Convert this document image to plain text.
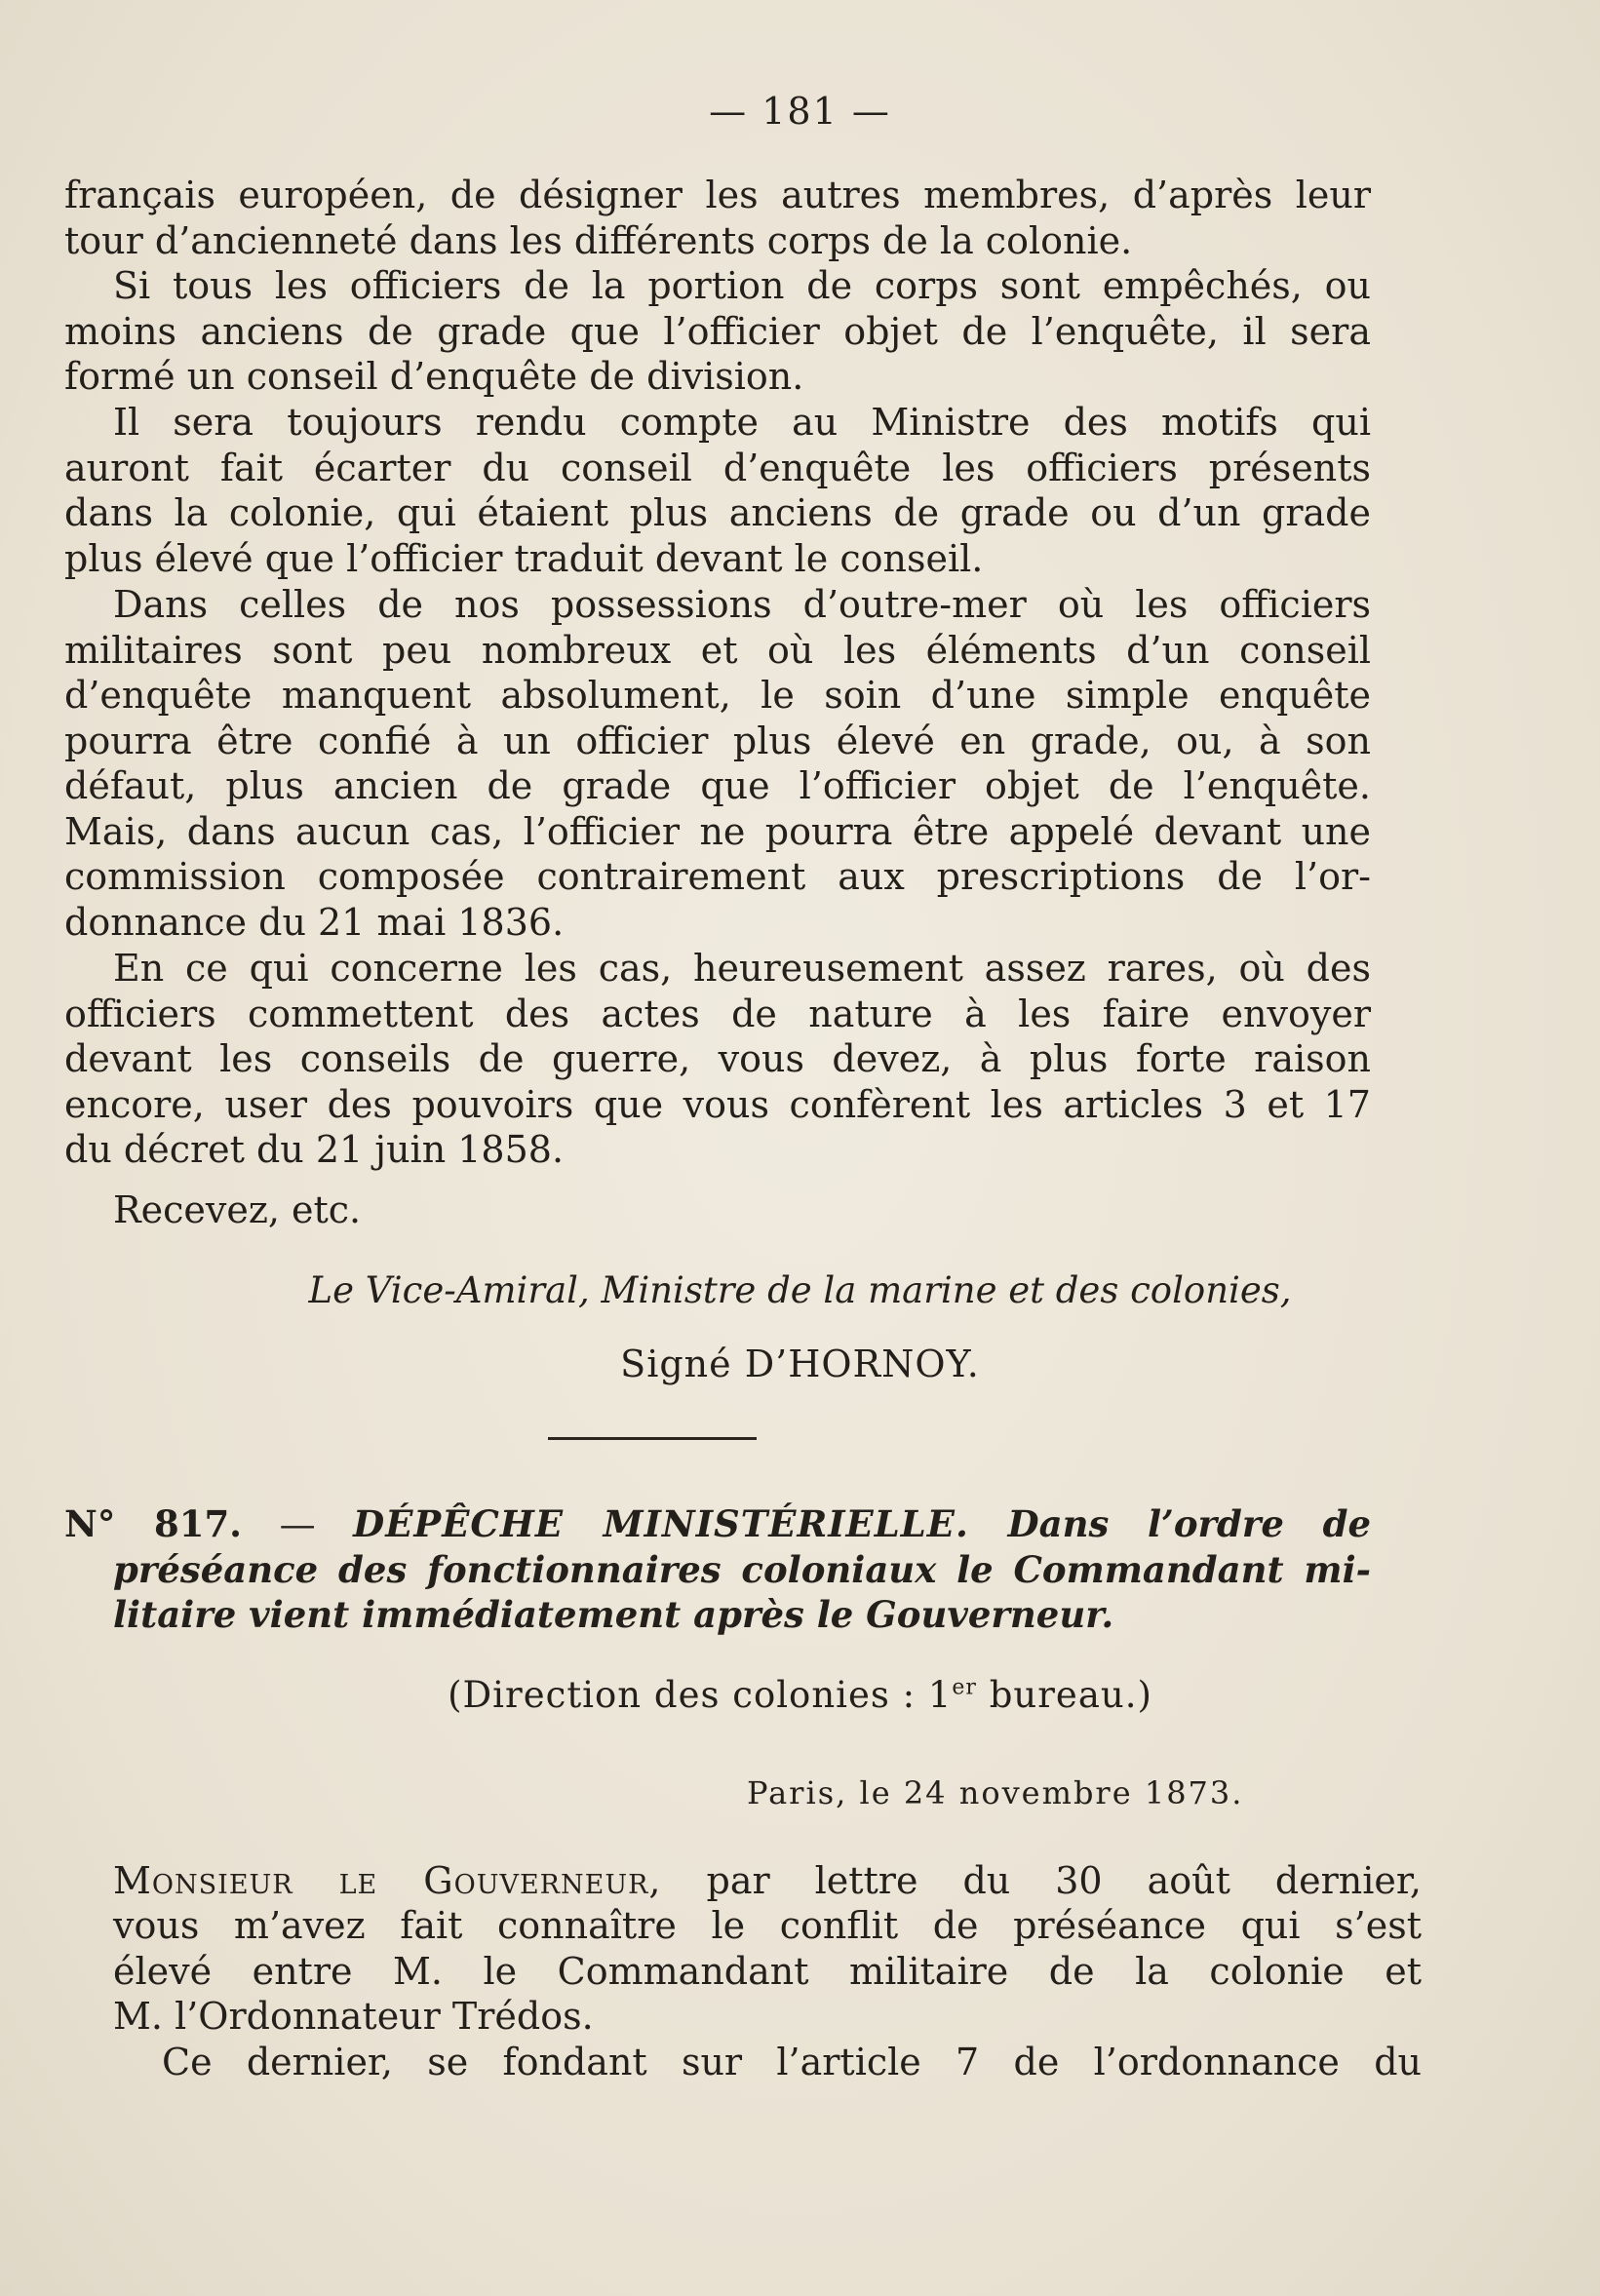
— 181 —
français européen, de désigner les autres membres, d’après leur
tour d’ancienneté dans les différents corps de la colonie.
Si tous les officiers de la portion de corps sont empêchés, ou
moins anciens de grade que l’officier objet de l’enquête, il sera
formé un conseil d’enquête de division.
Il sera toujours rendu compte au Ministre des motifs qui
auront fait écarter du conseil d’enquête les officiers présents
dans la colonie, qui étaient plus anciens de grade ou d’un grade
plus élevé que l’officier traduit devant le conseil.
Dans celles de nos possessions d’outre-mer où les officiers
militaires sont peu nombreux et où les éléments d’un conseil
d’enquête manquent absolument, le soin d’une simple enquête
pourra être confié à un officier plus élevé en grade, ou, à son
défaut, plus ancien de grade que l’officier objet de l’enquête.
Mais, dans aucun cas, l’officier ne pourra être appelé devant une
commission composée contrairement aux prescriptions de l’or-
donnance du 21 mai 1836.
En ce qui concerne les cas, heureusement assez rares, où des
officiers commettent des actes de nature à les faire envoyer
devant les conseils de guerre, vous devez, à plus forte raison
encore, user des pouvoirs que vous confèrent les articles 3 et 17
du décret du 21 juin 1858.
Recevez, etc.
Le Vice-Amiral, Ministre de la marine et des colonies,
Signé D’HORNOY.
N° 817. — DÉPÊCHE MINISTÉRIELLE. Dans l’ordre de
préséance des fonctionnaires coloniaux le Commandant mi-
litaire vient immédiatement après le Gouverneur.
(Direction des colonies : 1er bureau.)
Paris, le 24 novembre 1873.
Monsieur le Gouverneur, par lettre du 30 août dernier,
vous m’avez fait connaître le conflit de préséance qui s’est
élevé entre M. le Commandant militaire de la colonie et
M. l’Ordonnateur Trédos.
Ce dernier, se fondant sur l’article 7 de l’ordonnance du
